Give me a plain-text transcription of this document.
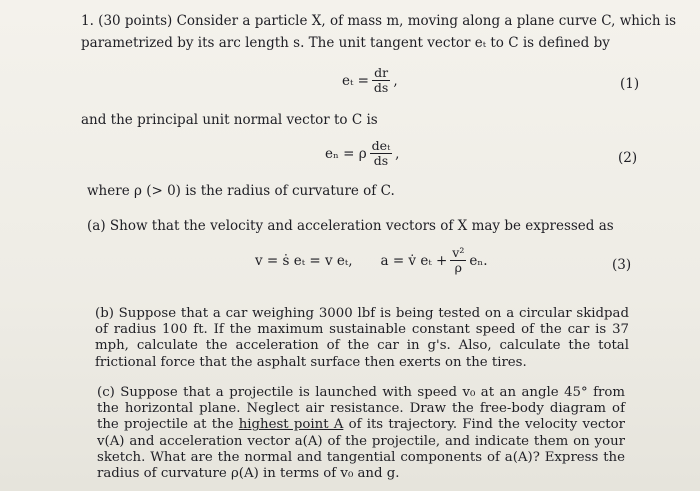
1. (30 points) Consider a particle X, of mass m, moving along a plane curve C, which is
parametrized by its arc length s. The unit tangent vector eₜ to C is defined by
$e_t = \frac{dr}{ds}$ ,	(1)
and the principal unit normal vector to C is
eₙ = ρ $\frac{\text{deₜ}}{ds}$ ,	(2)
where ρ (> 0) is the radius of curvature of C.
(a) Show that the velocity and acceleration vectors of X may be expressed as
v = ṡ eₜ = v eₜ, a = v̇ $e_t + \frac{\text{v²}}{\rho} e_n$.	(3)
(b) Suppose that a car weighing 3000 lbf is being tested on a circular skidpad of radius 100 ft. If the maximum sustainable constant speed of the car is 37 mph, calculate the acceleration of the car in g's. Also, calculate the total frictional force that the asphalt surface then exerts on the tires.
(c) Suppose that a projectile is launched with speed v₀ at an angle 45° from the horizontal plane. Neglect air resistance. Draw the free-body diagram of the projectile at the highest point A of its trajectory. Find the velocity vector v(A) and acceleration vector a(A) of the projectile, and indicate them on your sketch. What are the normal and tangential components of a(A)? Express the radius of curvature ρ(A) in terms of v₀ and g.
